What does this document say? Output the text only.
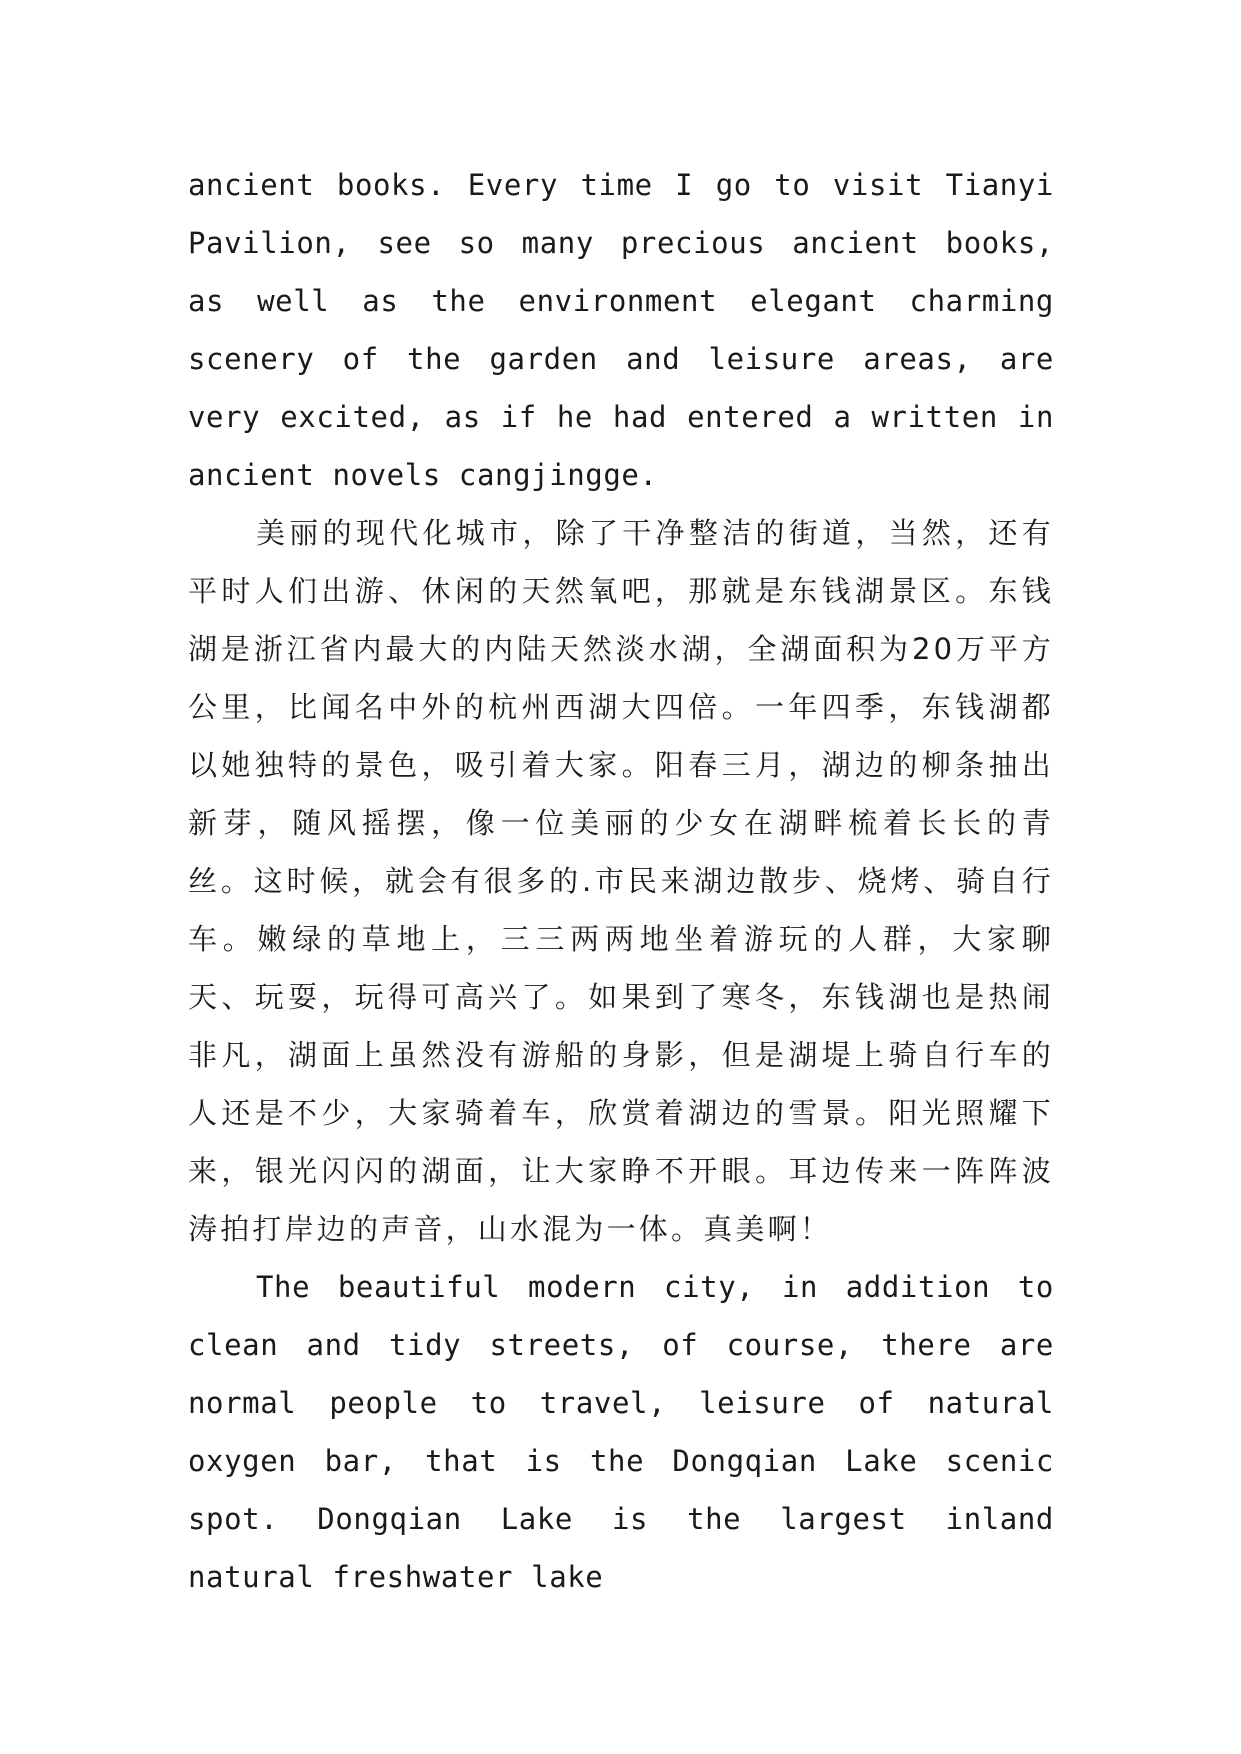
ancient books. Every time I go to visit Tianyi Pavilion, see so many precious ancient books, as well as the environment elegant charming scenery of the garden and leisure areas, are very excited, as if he had entered a written in ancient novels cangjingge.

美丽的现代化城市，除了干净整洁的街道，当然，还有平时人们出游、休闲的天然氧吧，那就是东钱湖景区。东钱湖是浙江省内最大的内陆天然淡水湖，全湖面积为20万平方公里，比闻名中外的杭州西湖大四倍。一年四季，东钱湖都以她独特的景色，吸引着大家。阳春三月，湖边的柳条抽出新芽，随风摇摆，像一位美丽的少女在湖畔梳着长长的青丝。这时候，就会有很多的.市民来湖边散步、烧烤、骑自行车。嫩绿的草地上，三三两两地坐着游玩的人群，大家聊天、玩耍，玩得可高兴了。如果到了寒冬，东钱湖也是热闹非凡，湖面上虽然没有游船的身影，但是湖堤上骑自行车的人还是不少，大家骑着车，欣赏着湖边的雪景。阳光照耀下来，银光闪闪的湖面，让大家睁不开眼。耳边传来一阵阵波涛拍打岸边的声音，山水混为一体。真美啊！

The beautiful modern city, in addition to clean and tidy streets, of course, there are normal people to travel, leisure of natural oxygen bar, that is the Dongqian Lake scenic spot. Dongqian Lake is the largest inland natural freshwater lake
